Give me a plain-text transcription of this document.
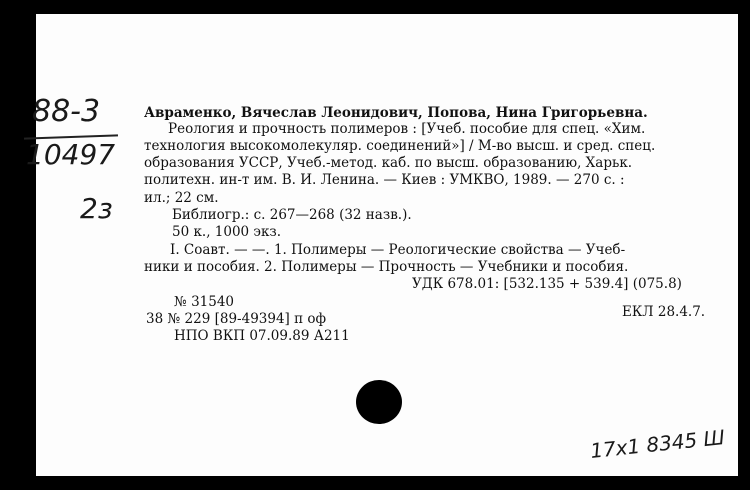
88-3
10497
2з
Авраменко, Вячеслав Леонидович, Попова, Нина Григорьевна.
Реология и прочность полимеров : [Учеб. пособие для спец. «Хим.
технология высокомолекуляр. соединений»] / М-во высш. и сред. спец.
образования УССР, Учеб.-метод. каб. по высш. образованию, Харьк.
политехн. ин-т им. В. И. Ленина. — Киев : УМКВО, 1989. — 270 с. :
ил.; 22 см.
Библиогр.: с. 267—268 (32 назв.).
50 к., 1000 экз.
I. Соавт. — —. 1. Полимеры — Реологические свойства — Учеб-
ники и пособия. 2. Полимеры — Прочность — Учебники и пособия.
УДК 678.01: [532.135 + 539.4] (075.8)
№ 31540
38 № 229 [89-49394] п оф	ЕКЛ 28.4.7.
НПО ВКП 07.09.89 А211
17х1 8345 Ш
